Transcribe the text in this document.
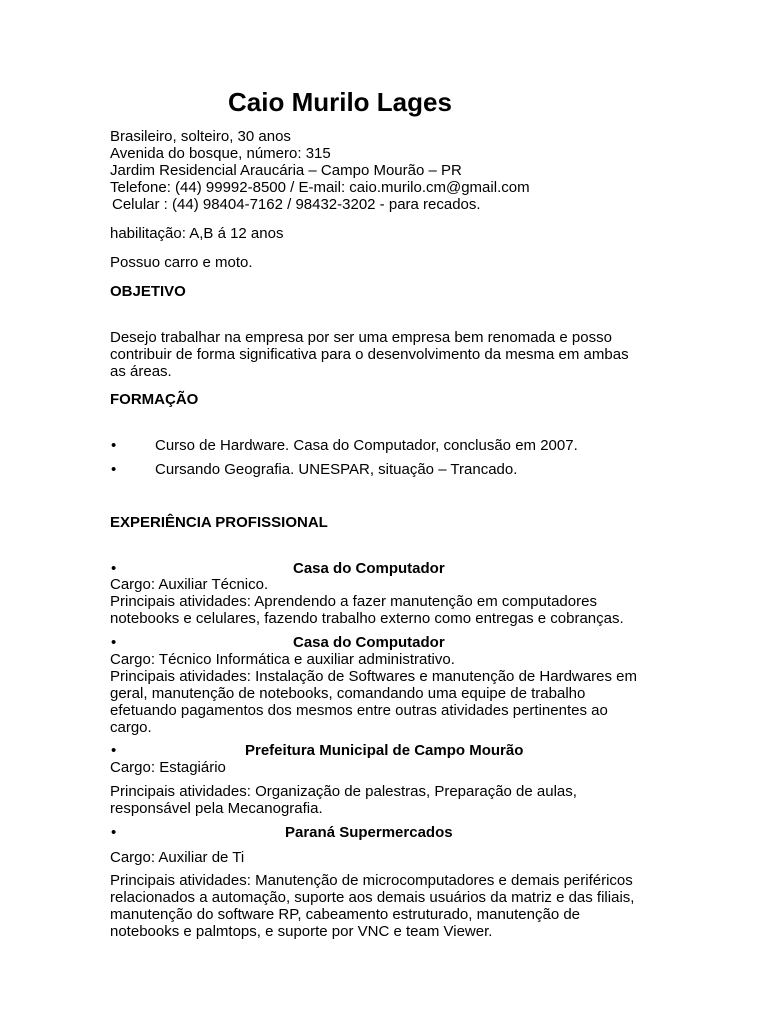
Caio Murilo Lages
Brasileiro, solteiro, 30 anos
Avenida do bosque, número: 315
Jardim Residencial Araucária – Campo Mourão – PR
Telefone: (44) 99992-8500 / E-mail: caio.murilo.cm@gmail.com
Celular : (44) 98404-7162 / 98432-3202 - para recados.
habilitação: A,B á 12 anos
Possuo carro e moto.
OBJETIVO
Desejo trabalhar na empresa por ser uma empresa bem renomada e posso
contribuir de forma significativa para o desenvolvimento da mesma em ambas
as áreas.
FORMAÇÃO
•	Curso de Hardware. Casa do Computador, conclusão em 2007.
•	Cursando Geografia. UNESPAR, situação – Trancado.
EXPERIÊNCIA PROFISSIONAL
•	Casa do Computador
Cargo: Auxiliar Técnico.
Principais atividades: Aprendendo a fazer manutenção em computadores
notebooks e celulares, fazendo trabalho externo como entregas e cobranças.
•	Casa do Computador
Cargo: Técnico Informática e auxiliar administrativo.
Principais atividades: Instalação de Softwares e manutenção de Hardwares em
geral, manutenção de notebooks, comandando uma equipe de trabalho
efetuando pagamentos dos mesmos entre outras atividades pertinentes ao
cargo.
•	Prefeitura Municipal de Campo Mourão
Cargo: Estagiário
Principais atividades: Organização de palestras, Preparação de aulas,
responsável pela Mecanografia.
•	Paraná Supermercados
Cargo: Auxiliar de Ti
Principais atividades: Manutenção de microcomputadores e demais periféricos
relacionados a automação, suporte aos demais usuários da matriz e das filiais,
manutenção do software RP, cabeamento estruturado, manutenção de
notebooks e palmtops, e suporte por VNC e team Viewer.
